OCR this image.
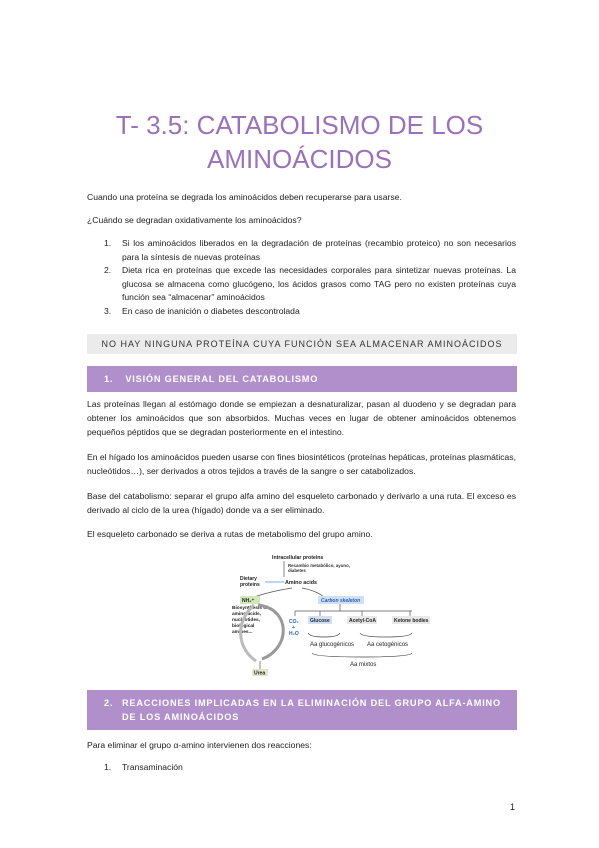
T- 3.5: CATABOLISMO DE LOS AMINOÁCIDOS
Cuando una proteína se degrada los aminoácidos deben recuperarse para usarse.
¿Cuándo se degradan oxidativamente los aminoácidos?
1. Si los aminoácidos liberados en la degradación de proteínas (recambio proteico) no son necesarios para la síntesis de nuevas proteínas
2. Dieta rica en proteínas que excede las necesidades corporales para sintetizar nuevas proteínas. La glucosa se almacena como glucógeno, los ácidos grasos como TAG pero no existen proteínas cuya función sea “almacenar” aminoácidos
3. En caso de inanición o diabetes descontrolada
NO HAY NINGUNA PROTEÍNA CUYA FUNCIÓN SEA ALMACENAR AMINOÁCIDOS
1. VISIÓN GENERAL DEL CATABOLISMO
Las proteínas llegan al estómago donde se empiezan a desnaturalizar, pasan al duodeno y se degradan para obtener los aminoácidos que son absorbidos. Muchas veces en lugar de obtener aminoácidos obtenemos pequeños péptidos que se degradan posteriormente en el intestino.
En el hígado los aminoácidos pueden usarse con fines biosintéticos (proteínas hepáticas, proteínas plasmáticas, nucleótidos…), ser derivados a otros tejidos a través de la sangre o ser catabolizados.
Base del catabolismo: separar el grupo alfa amino del esqueleto carbonado y derivarlo a una ruta. El exceso es derivado al ciclo de la urea (hígado) donde va a ser eliminado.
El esqueleto carbonado se deriva a rutas de metabolismo del grupo amino.
Intracellular proteins
Recambio metabólico, ayuno,
diabetes
Dietary
proteins	Amino acids
NH₄⁺	Carbon skeleton
Biosynthesis of
amino acids,
nucleotides,
biological
amines...
Urea
CO₂
+
H₂O
Glucose	Acetyl-CoA	Ketone bodies
Aa glucogénicos Aa cetogénicos
Aa mixtos
2. REACCIONES IMPLICADAS EN LA ELIMINACIÓN DEL GRUPO ALFA-AMINO
DE LOS AMINOÁCIDOS
Para eliminar el grupo α-amino intervienen dos reacciones:
1. Transaminación
1
